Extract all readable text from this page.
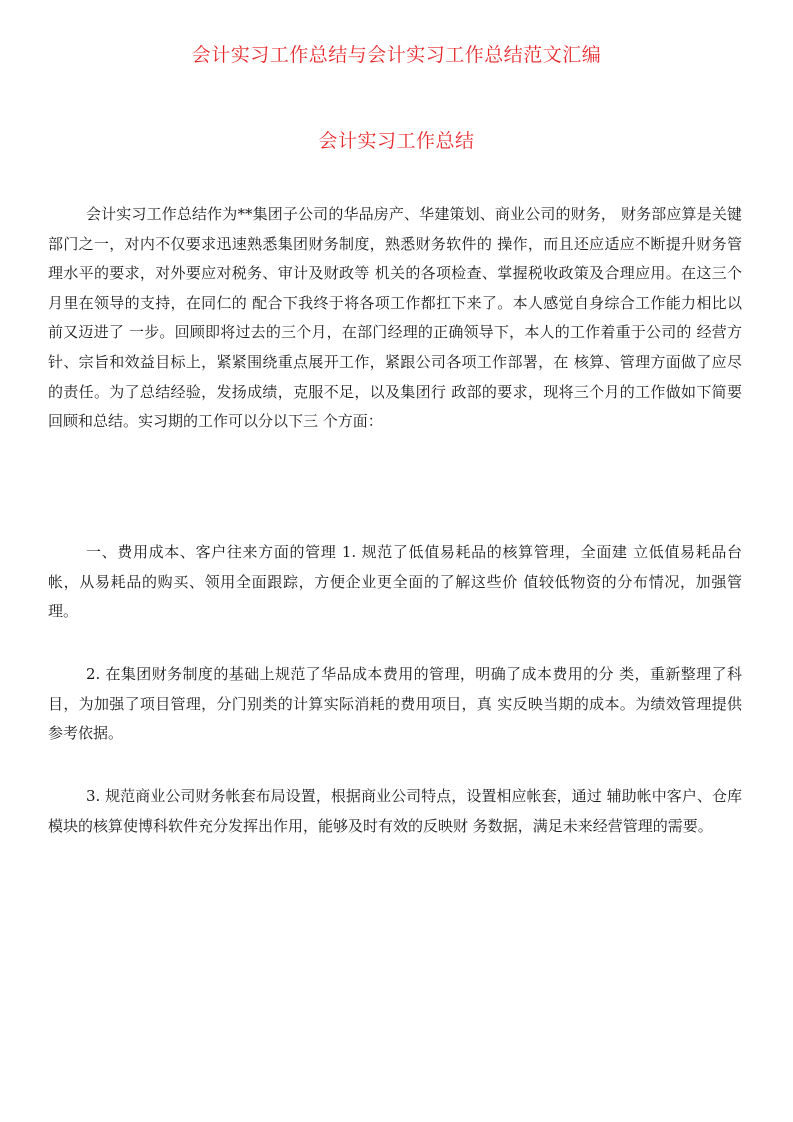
会计实习工作总结与会计实习工作总结范文汇编
会计实习工作总结

会计实习工作总结作为**集团子公司的华品房产、华建策划、商业公司的财务， 财务部应算是关键部门之一，对内不仅要求迅速熟悉集团财务制度，熟悉财务软件的 操作，而且还应适应不断提升财务管理水平的要求，对外要应对税务、审计及财政等 机关的各项检查、掌握税收政策及合理应用。在这三个月里在领导的支持，在同仁的 配合下我终于将各项工作都扛下来了。本人感觉自身综合工作能力相比以前又迈进了 一步。回顾即将过去的三个月，在部门经理的正确领导下，本人的工作着重于公司的 经营方针、宗旨和效益目标上，紧紧围绕重点展开工作，紧跟公司各项工作部署，在 核算、管理方面做了应尽的责任。为了总结经验，发扬成绩，克服不足，以及集团行 政部的要求，现将三个月的工作做如下简要回顾和总结。实习期的工作可以分以下三 个方面：

一、费用成本、客户往来方面的管理 1. 规范了低值易耗品的核算管理，全面建 立低值易耗品台帐，从易耗品的购买、领用全面跟踪，方便企业更全面的了解这些价 值较低物资的分布情况，加强管理。

2. 在集团财务制度的基础上规范了华品成本费用的管理，明确了成本费用的分 类，重新整理了科目，为加强了项目管理，分门别类的计算实际消耗的费用项目，真 实反映当期的成本。为绩效管理提供参考依据。

3. 规范商业公司财务帐套布局设置，根据商业公司特点，设置相应帐套，通过 辅助帐中客户、仓库模块的核算使博科软件充分发挥出作用，能够及时有效的反映财 务数据，满足未来经营管理的需要。
